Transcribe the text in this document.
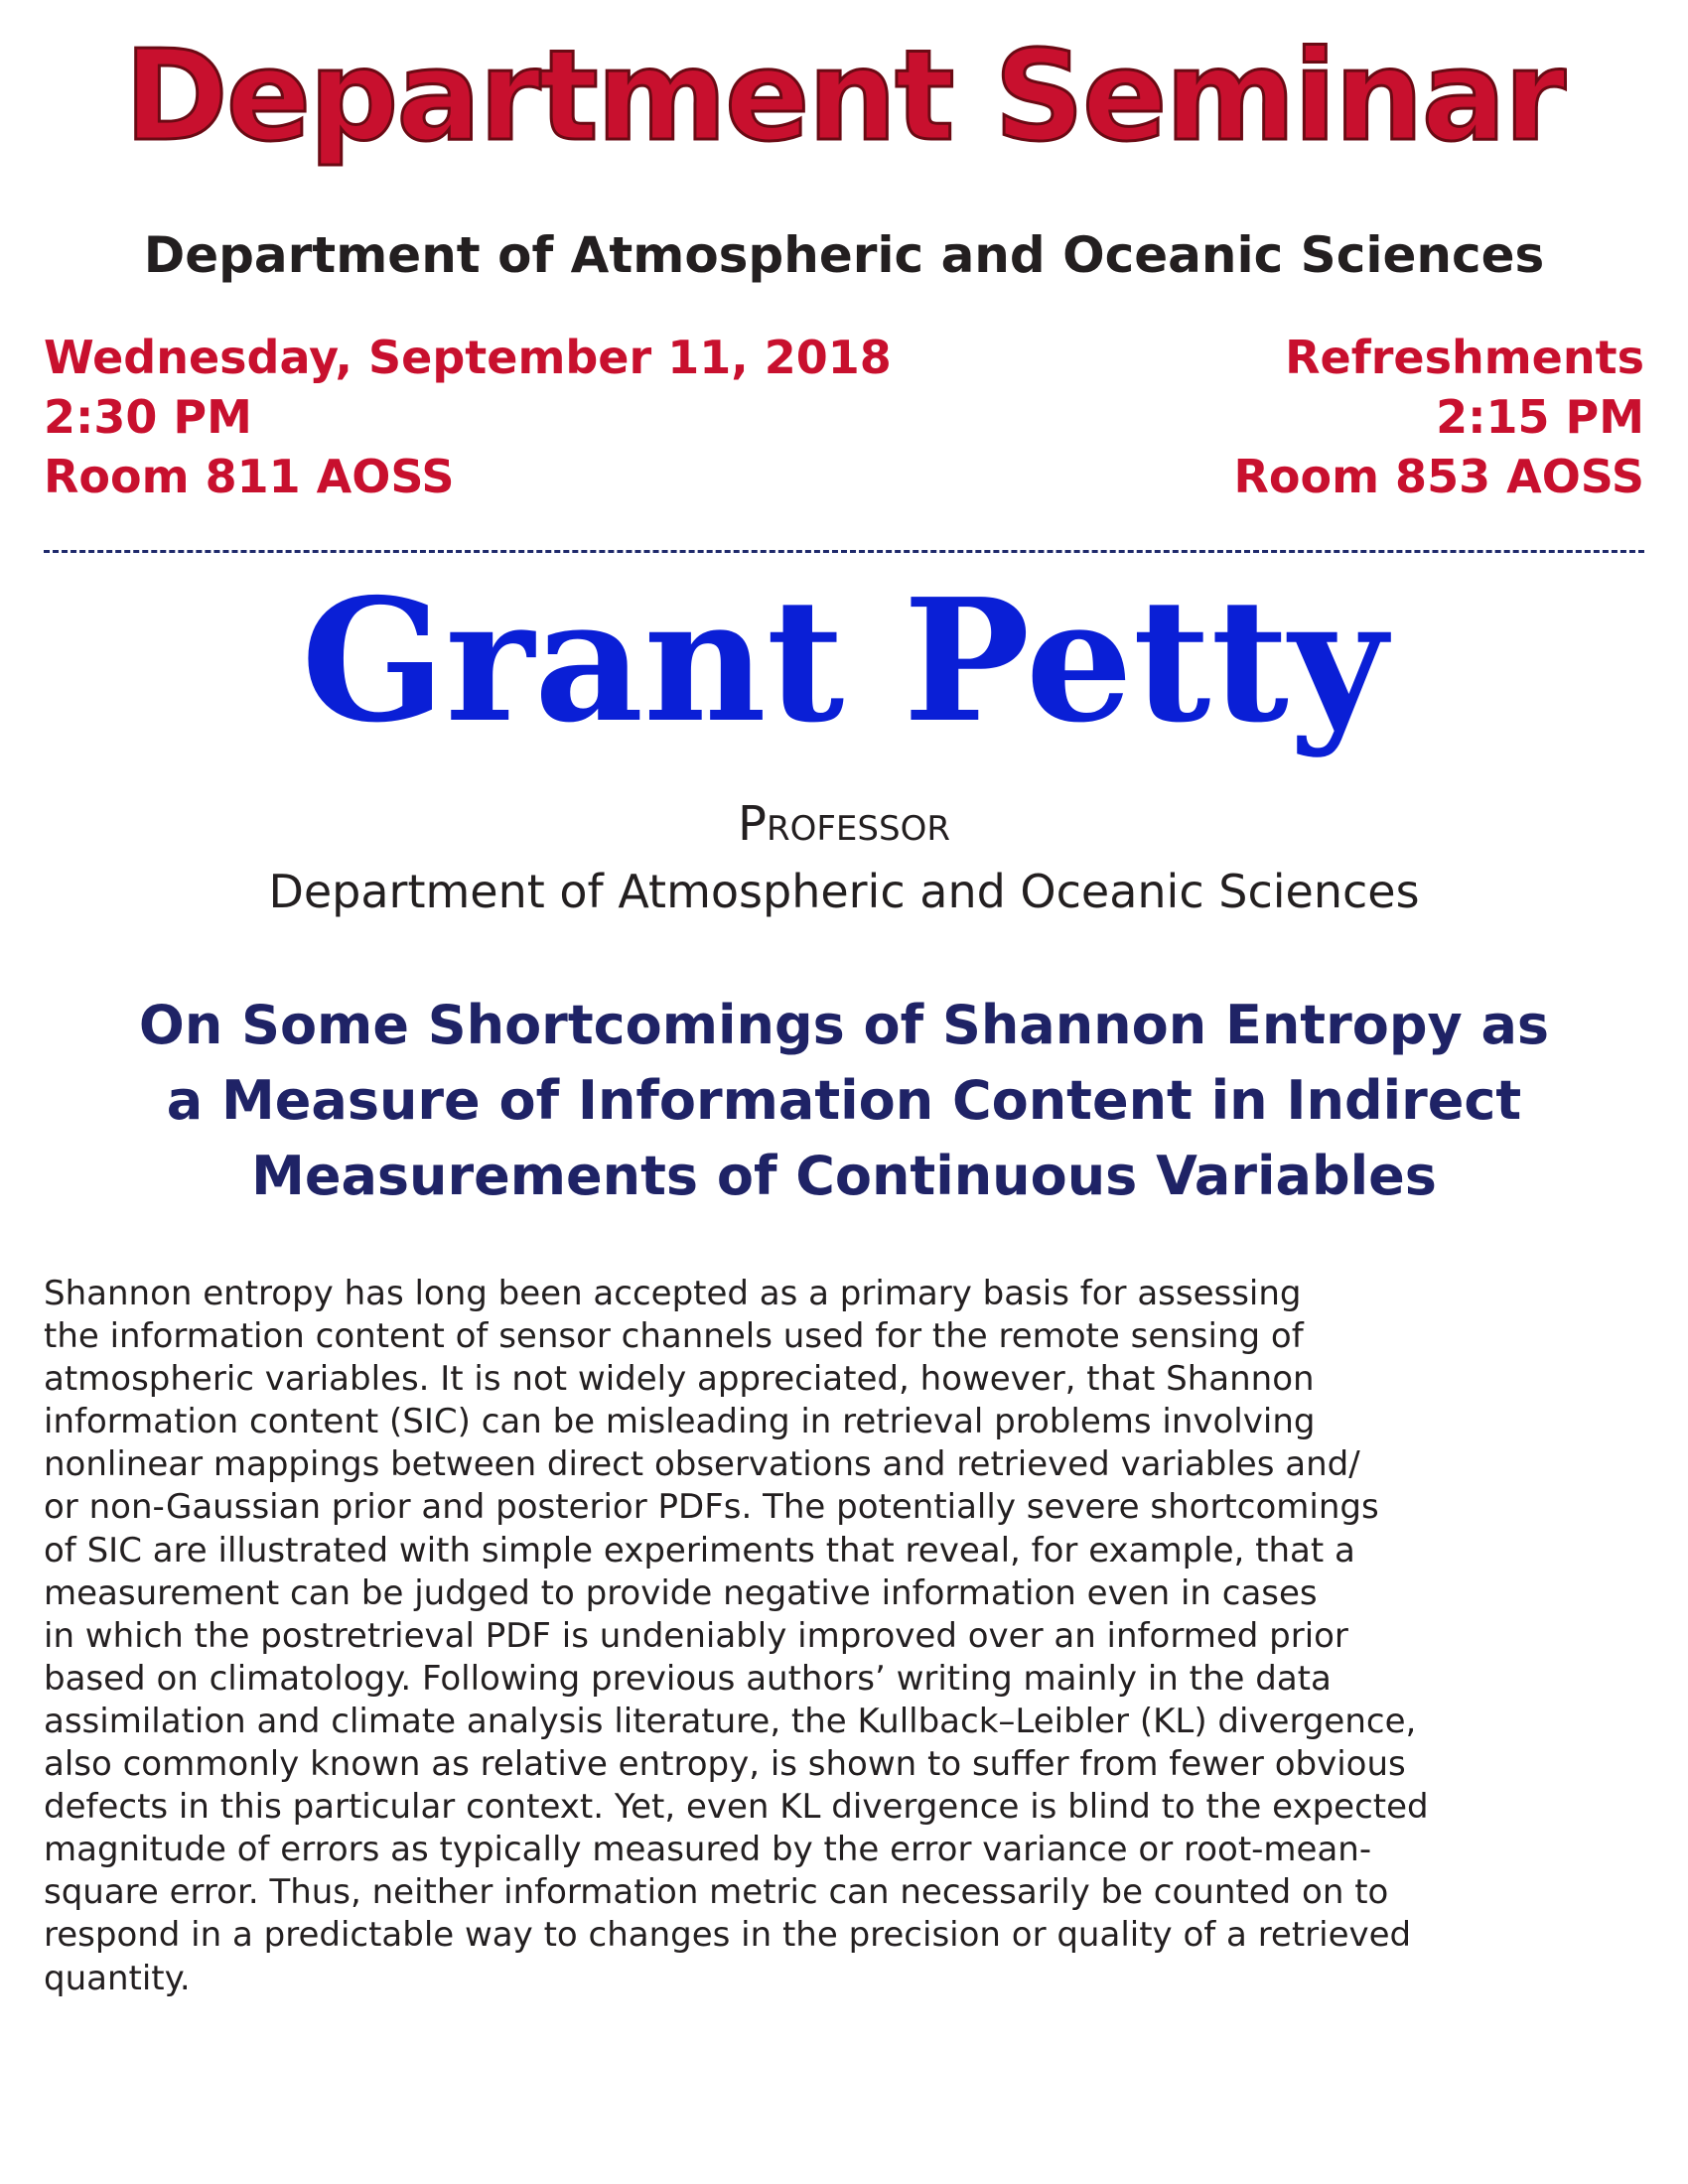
Department Seminar
Department of Atmospheric and Oceanic Sciences
Wednesday, September 11, 2018
2:30 PM
Room 811 AOSS
Refreshments
2:15 PM
Room 853 AOSS
Grant Petty
Professor
Department of Atmospheric and Oceanic Sciences
On Some Shortcomings of Shannon Entropy as
a Measure of Information Content in Indirect
Measurements of Continuous Variables
Shannon entropy has long been accepted as a primary basis for assessing
the information content of sensor channels used for the remote sensing of
atmospheric variables. It is not widely appreciated, however, that Shannon
information content (SIC) can be misleading in retrieval problems involving
nonlinear mappings between direct observations and retrieved variables and/
or non-Gaussian prior and posterior PDFs. The potentially severe shortcomings
of SIC are illustrated with simple experiments that reveal, for example, that a
measurement can be judged to provide negative information even in cases
in which the postretrieval PDF is undeniably improved over an informed prior
based on climatology. Following previous authors’ writing mainly in the data
assimilation and climate analysis literature, the Kullback–Leibler (KL) divergence,
also commonly known as relative entropy, is shown to suffer from fewer obvious
defects in this particular context. Yet, even KL divergence is blind to the expected
magnitude of errors as typically measured by the error variance or root-mean-
square error. Thus, neither information metric can necessarily be counted on to
respond in a predictable way to changes in the precision or quality of a retrieved
quantity.
